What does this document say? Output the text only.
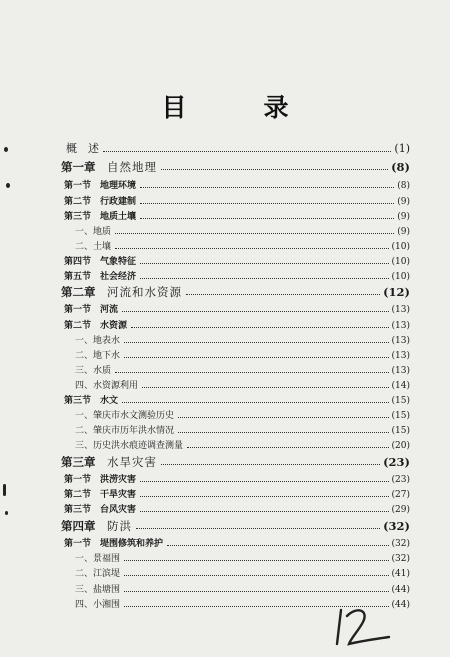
目　录
概　述	(1)
第一章 自然地理	(8)
第一节 地理环境	(8)
第二节 行政建制	(9)
第三节 地质土壤	(9)
一、地质	(9)
二、土壤	(10)
第四节 气象特征	(10)
第五节 社会经济	(10)
第二章 河流和水资源	(12)
第一节 河流	(13)
第二节 水资源	(13)
一、地表水	(13)
二、地下水	(13)
三、水质	(13)
四、水资源利用	(14)
第三节 水文	(15)
一、肇庆市水文测验历史	(15)
二、肇庆市历年洪水情况	(15)
三、历史洪水痕迹调查测量	(20)
第三章 水旱灾害	(23)
第一节 洪涝灾害	(23)
第二节 干旱灾害	(27)
第三节 台风灾害	(29)
第四章 防洪	(32)
第一节 堤围修筑和养护	(32)
一、景福围	(32)
二、江滨堤	(41)
三、盐塘围	(44)
四、小湘围	(44)
